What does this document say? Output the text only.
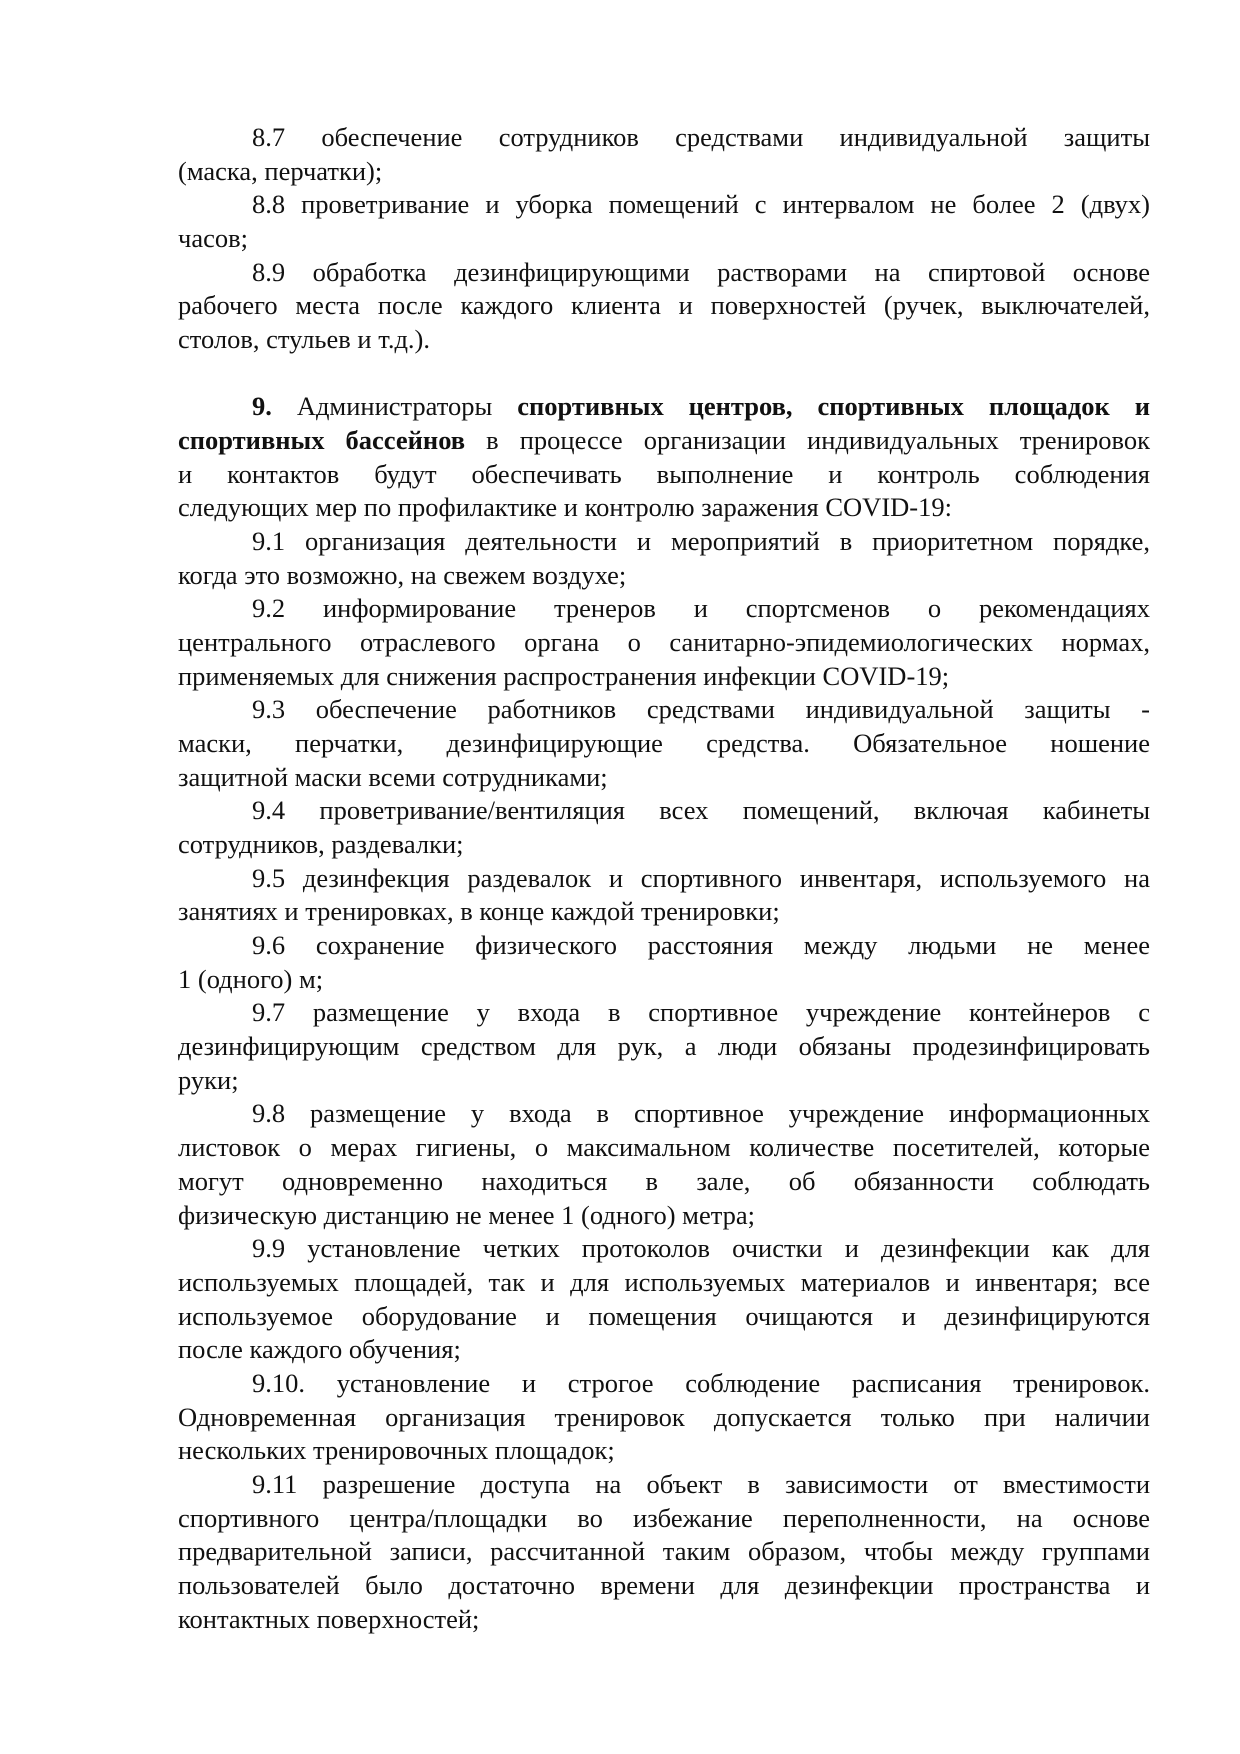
8.7 обеспечение сотрудников средствами индивидуальной защиты
(маска, перчатки);
8.8 проветривание и уборка помещений с интервалом не более 2 (двух)
часов;
8.9 обработка дезинфицирующими растворами на спиртовой основе
рабочего места после каждого клиента и поверхностей (ручек, выключателей,
столов, стульев и т.д.).
9. Администраторы спортивных центров, спортивных площадок и
спортивных бассейнов в процессе организации индивидуальных тренировок
и контактов будут обеспечивать выполнение и контроль соблюдения
следующих мер по профилактике и контролю заражения COVID-19:
9.1 организация деятельности и мероприятий в приоритетном порядке,
когда это возможно, на свежем воздухе;
9.2 информирование тренеров и спортсменов о рекомендациях
центрального отраслевого органа о санитарно-эпидемиологических нормах,
применяемых для снижения распространения инфекции COVID-19;
9.3 обеспечение работников средствами индивидуальной защиты -
маски, перчатки, дезинфицирующие средства. Обязательное ношение
защитной маски всеми сотрудниками;
9.4 проветривание/вентиляция всех помещений, включая кабинеты
сотрудников, раздевалки;
9.5 дезинфекция раздевалок и спортивного инвентаря, используемого на
занятиях и тренировках, в конце каждой тренировки;
9.6 сохранение физического расстояния между людьми не менее
1 (одного) м;
9.7 размещение у входа в спортивное учреждение контейнеров с
дезинфицирующим средством для рук, а люди обязаны продезинфицировать
руки;
9.8 размещение у входа в спортивное учреждение информационных
листовок о мерах гигиены, о максимальном количестве посетителей, которые
могут одновременно находиться в зале, об обязанности соблюдать
физическую дистанцию не менее 1 (одного) метра;
9.9 установление четких протоколов очистки и дезинфекции как для
используемых площадей, так и для используемых материалов и инвентаря; все
используемое оборудование и помещения очищаются и дезинфицируются
после каждого обучения;
9.10. установление и строгое соблюдение расписания тренировок.
Одновременная организация тренировок допускается только при наличии
нескольких тренировочных площадок;
9.11 разрешение доступа на объект в зависимости от вместимости
спортивного центра/площадки во избежание переполненности, на основе
предварительной записи, рассчитанной таким образом, чтобы между группами
пользователей было достаточно времени для дезинфекции пространства и
контактных поверхностей;
